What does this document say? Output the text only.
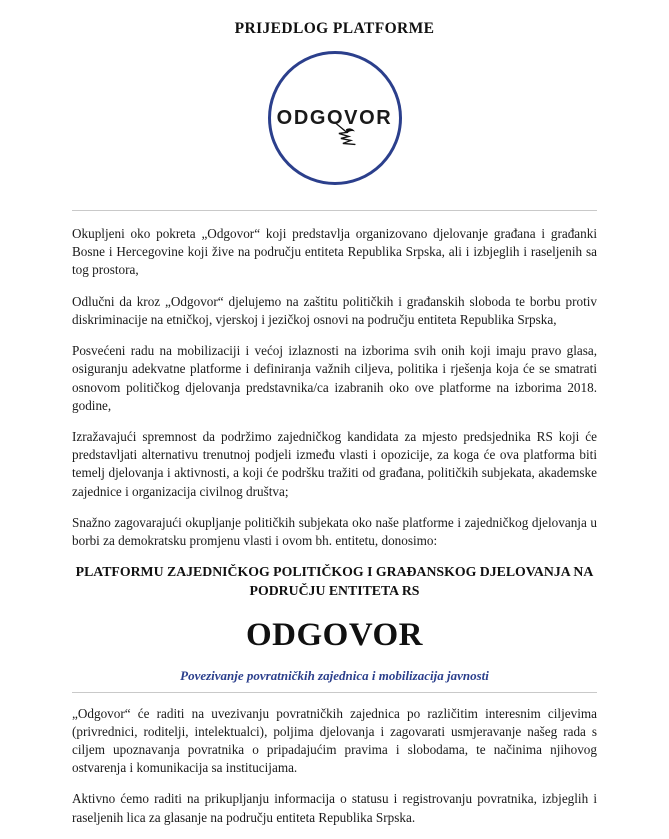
PRIJEDLOG PLATFORME
ODGOVOR

Okupljeni oko pokreta „Odgovor“ koji predstavlja organizovano djelovanje građana i građanki Bosne i Hercegovine koji žive na području entiteta Republika Srpska, ali i izbjeglih i raseljenih sa tog prostora,

Odlučni da kroz „Odgovor“ djelujemo na zaštitu političkih i građanskih sloboda te borbu protiv diskriminacije na etničkoj, vjerskoj i jezičkoj osnovi na području entiteta Republika Srpska,

Posvećeni radu na mobilizaciji i većoj izlaznosti na izborima svih onih koji imaju pravo glasa, osiguranju adekvatne platforme i definiranja važnih ciljeva, politika i rješenja koja će se smatrati osnovom političkog djelovanja predstavnika/ca izabranih oko ove platforme na izborima 2018. godine,

Izražavajući spremnost da podržimo zajedničkog kandidata za mjesto predsjednika RS koji će predstavljati alternativu trenutnoj podjeli između vlasti i opozicije, za koga će ova platforma biti temelj djelovanja i aktivnosti, a koji će podršku tražiti od građana, političkih subjekata, akademske zajednice i organizacija civilnog društva;

Snažno zagovarajući okupljanje političkih subjekata oko naše platforme i zajedničkog djelovanja u borbi za demokratsku promjenu vlasti i ovom bh. entitetu, donosimo:

PLATFORMU ZAJEDNIČKOG POLITIČKOG I GRAĐANSKOG DJELOVANJA NA PODRUČJU ENTITETA RS
ODGOVOR
Povezivanje povratničkih zajednica i mobilizacija javnosti

„Odgovor“ će raditi na uvezivanju povratničkih zajednica po različitim interesnim ciljevima (privrednici, roditelji, intelektualci), poljima djelovanja i zagovarati usmjeravanje našeg rada s ciljem upoznavanja povratnika o pripadajućim pravima i slobodama, te načinima njihovog ostvarenja i komunikacija sa institucijama.

Aktivno ćemo raditi na prikupljanju informacija o statusu i registrovanju povratnika, izbjeglih i raseljenih lica za glasanje na području entiteta Republika Srpska.
